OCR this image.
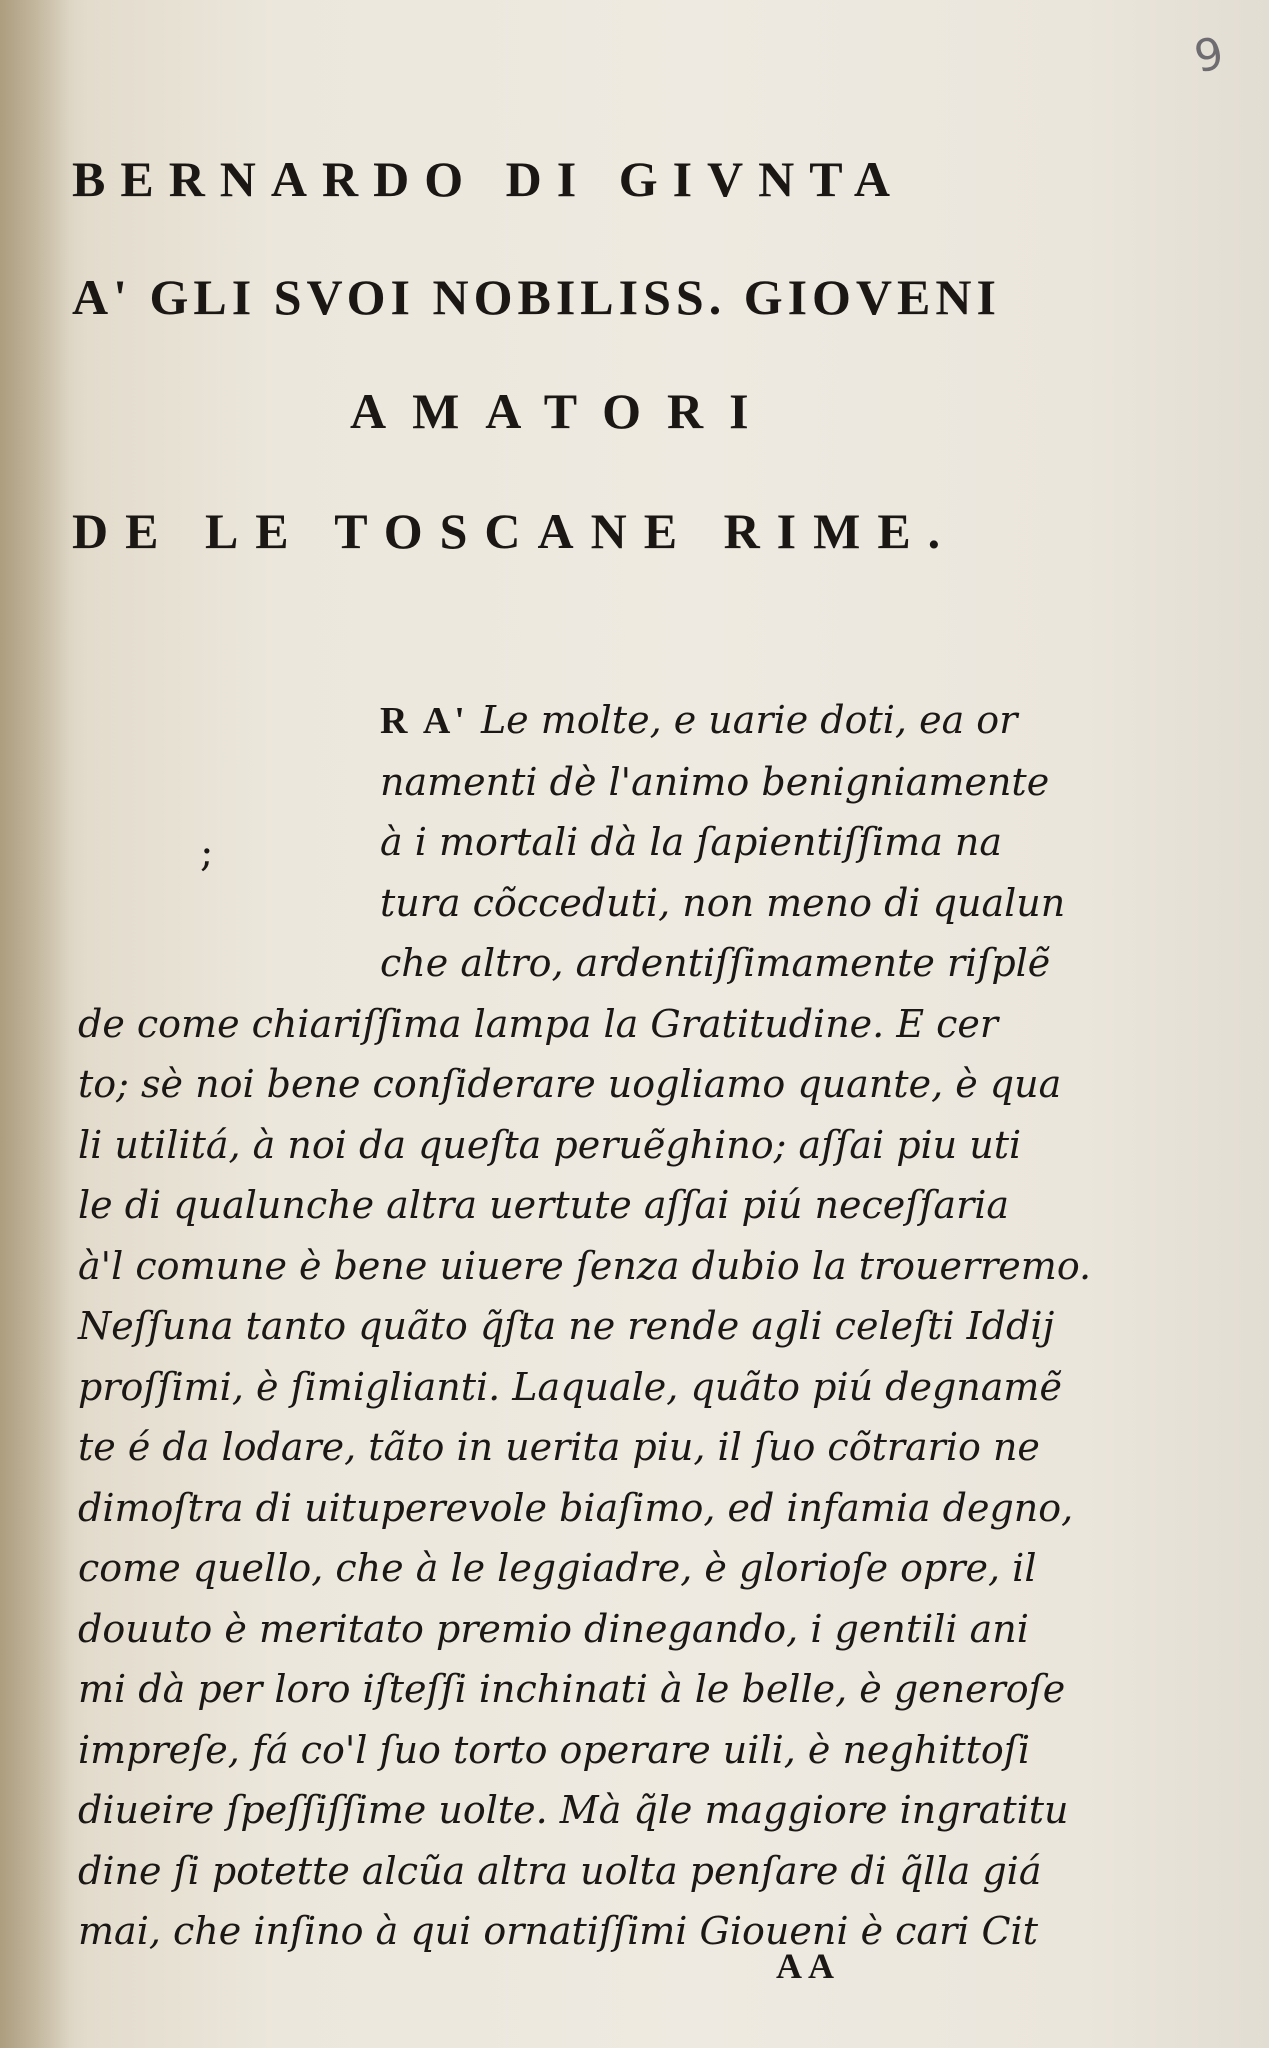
9
BERNARDO DI GIVNTA
A' GLI SVOI NOBILISS. GIOVENI
AMATORI
DE LE TOSCANE RIME.
;
R A' Le molte, e uarie doti, ea or
namenti dè l'animo benigniamente
à i mortali dà la ſapientiſſima na
tura cõcceduti, non meno di qualun
che altro, ardentiſſimamente riſplẽ
de come chiariſſima lampa la Gratitudine. E cer
to; sè noi bene conſiderare uogliamo quante, è qua
li utilitá, à noi da queſta peruẽghino; aſſai piu uti
le di qualunche altra uertute aſſai piú neceſſaria
à'l comune è bene uiuere ſenza dubio la trouerremo.
Neſſuna tanto quãto q̃ſta ne rende agli celeſti Iddij
proſſimi, è ſimiglianti. Laquale, quãto piú degnamẽ
te é da lodare, tãto in uerita piu, il ſuo cõtrario ne
dimoſtra di uituperevole biaſimo, ed infamia degno,
come quello, che à le leggiadre, è glorioſe opre, il
douuto è meritato premio dinegando, i gentili ani
mi dà per loro iſteſſi inchinati à le belle, è generoſe
impreſe, fá co'l ſuo torto operare uili, è neghittoſi
diueire ſpeſſiſſime uolte. Mà q̃le maggiore ingratitu
dine ſi potette alcũa altra uolta penſare di q̃lla giá
mai, che inſino à qui ornatiſſimi Gioueni è cari Cit
AA
